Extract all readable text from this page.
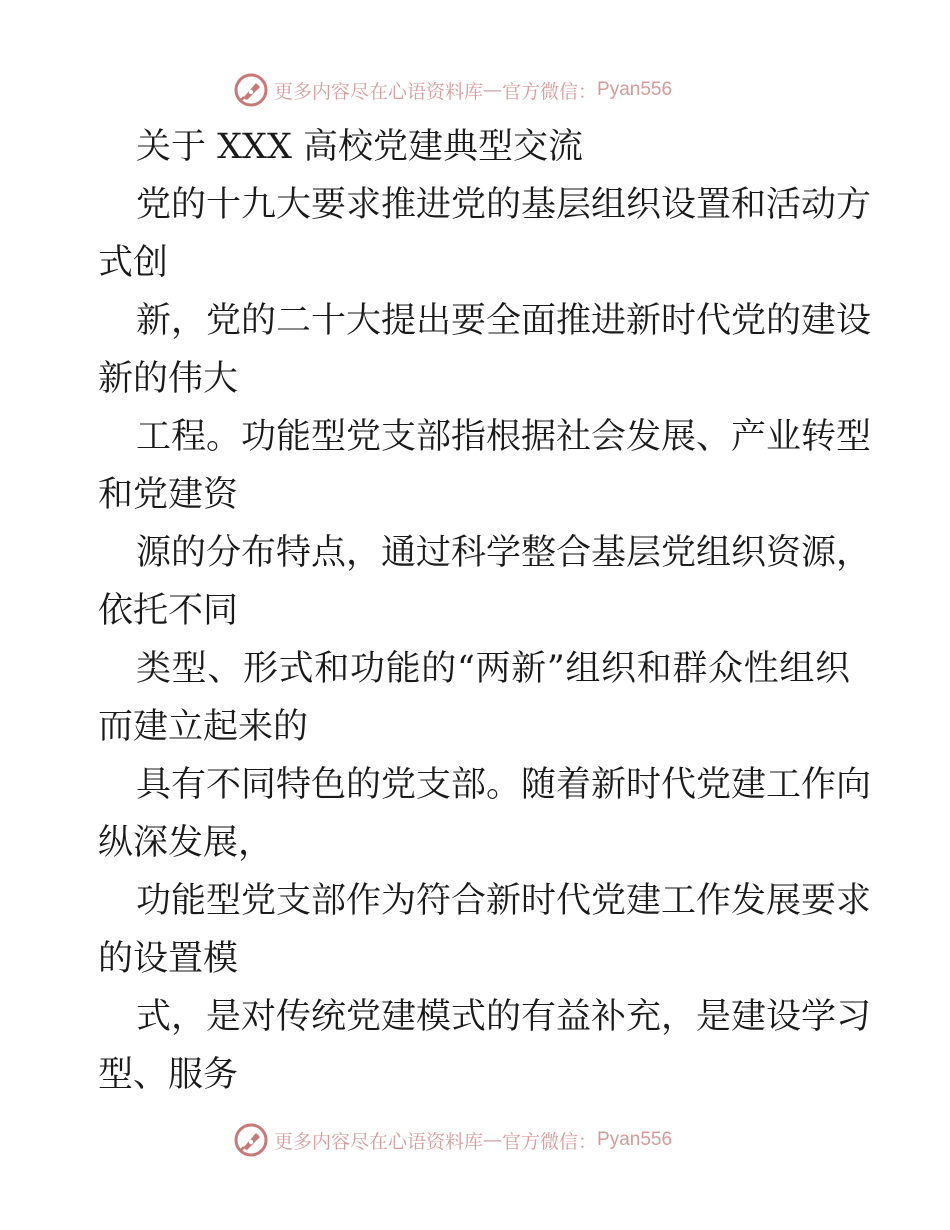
更多内容尽在心语资料库 — 官方微信： Pyan556
关于 XXX 高校党建典型交流
党的十九大要求推进党的基层组织设置和活动方
式创
新，党的二十大提出要全面推进新时代党的建设
新的伟大
工程。功能型党支部指根据社会发展、产业转型
和党建资
源的分布特点，通过科学整合基层党组织资源，
依托不同
类型、形式和功能的“两新”组织和群众性组织
而建立起来的
具有不同特色的党支部。随着新时代党建工作向
纵深发展，
功能型党支部作为符合新时代党建工作发展要求
的设置模
式，是对传统党建模式的有益补充，是建设学习
型、服务
更多内容尽在心语资料库 — 官方微信： Pyan556
